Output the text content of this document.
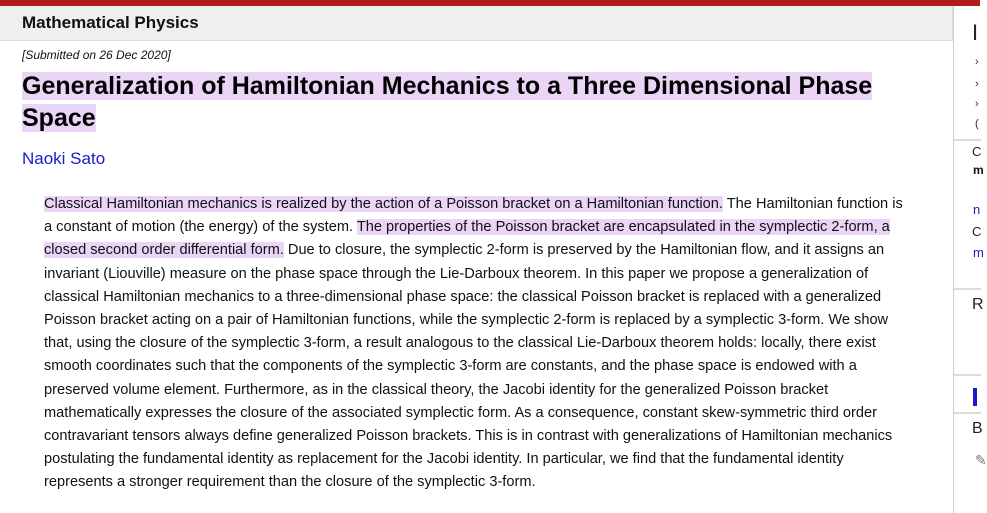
Mathematical Physics
[Submitted on 26 Dec 2020]
Generalization of Hamiltonian Mechanics to a Three Dimensional Phase Space
Naoki Sato
Classical Hamiltonian mechanics is realized by the action of a Poisson bracket on a Hamiltonian function. The Hamiltonian function is a constant of motion (the energy) of the system. The properties of the Poisson bracket are encapsulated in the symplectic 2-form, a closed second order differential form. Due to closure, the symplectic 2-form is preserved by the Hamiltonian flow, and it assigns an invariant (Liouville) measure on the phase space through the Lie-Darboux theorem. In this paper we propose a generalization of classical Hamiltonian mechanics to a three-dimensional phase space: the classical Poisson bracket is replaced with a generalized Poisson bracket acting on a pair of Hamiltonian functions, while the symplectic 2-form is replaced by a symplectic 3-form. We show that, using the closure of the symplectic 3-form, a result analogous to the classical Lie-Darboux theorem holds: locally, there exist smooth coordinates such that the components of the symplectic 3-form are constants, and the phase space is endowed with a preserved volume element. Furthermore, as in the classical theory, the Jacobi identity for the generalized Poisson bracket mathematically expresses the closure of the associated symplectic form. As a consequence, constant skew-symmetric third order contravariant tensors always define generalized Poisson brackets. This is in contrast with generalizations of Hamiltonian mechanics postulating the fundamental identity as replacement for the Jacobi identity. In particular, we find that the fundamental identity represents a stronger requirement than the closure of the symplectic 3-form.
I
›
›
›
(
C
m
n
C
m
R
B
✎
